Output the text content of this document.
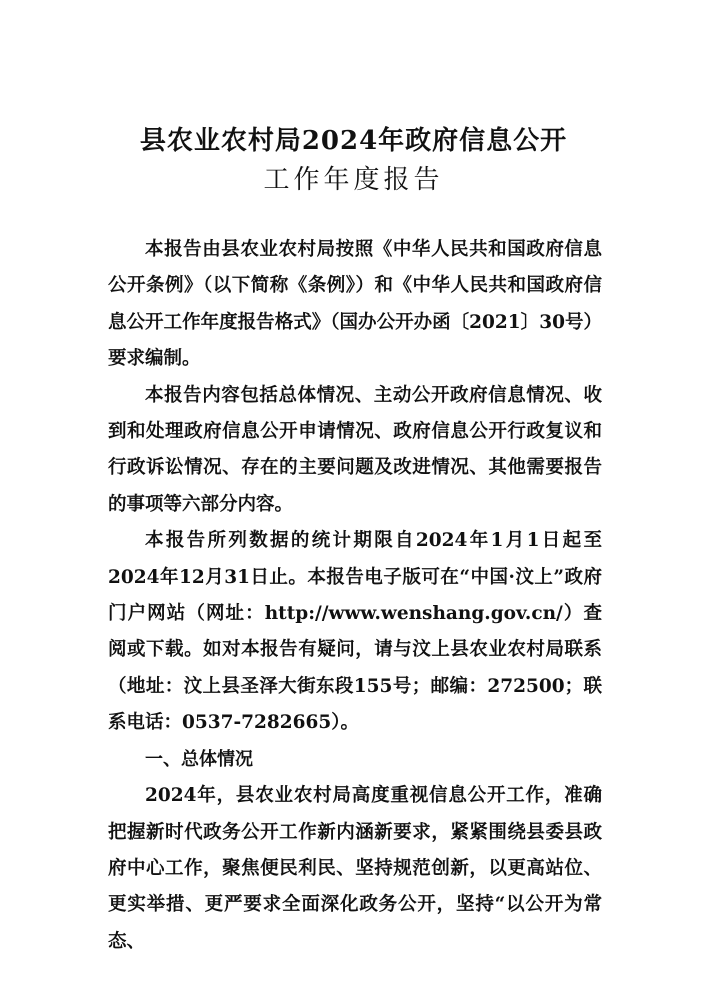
县农业农村局2024年政府信息公开
工作年度报告

本报告由县农业农村局按照《中华人民共和国政府信息公开条例》（以下简称《条例》）和《中华人民共和国政府信息公开工作年度报告格式》（国办公开办函〔2021〕30号）要求编制。

本报告内容包括总体情况、主动公开政府信息情况、收到和处理政府信息公开申请情况、政府信息公开行政复议和行政诉讼情况、存在的主要问题及改进情况、其他需要报告的事项等六部分内容。

本报告所列数据的统计期限自2024年1月1日起至2024年12月31日止。本报告电子版可在“中国·汶上”政府门户网站（网址：http://www.wenshang.gov.cn/）查阅或下载。如对本报告有疑问，请与汶上县农业农村局联系（地址：汶上县圣泽大街东段155号；邮编：272500；联系电话：0537-7282665）。

一、总体情况

2024年，县农业农村局高度重视信息公开工作，准确把握新时代政务公开工作新内涵新要求，紧紧围绕县委县政府中心工作，聚焦便民利民、坚持规范创新，以更高站位、更实举措、更严要求全面深化政务公开，坚持“以公开为常态、
